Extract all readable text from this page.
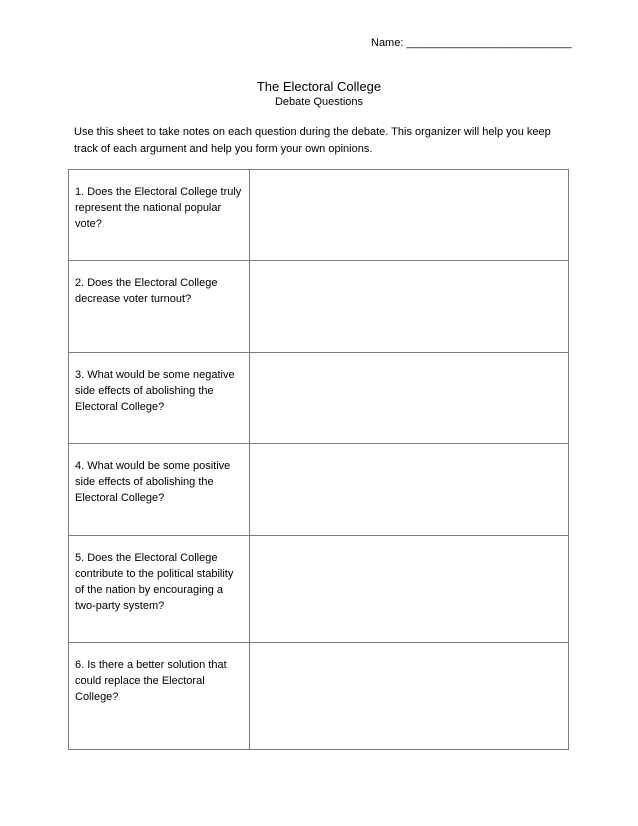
Name: ___________________________
The Electoral College
Debate Questions
Use this sheet to take notes on each question during the debate. This organizer will help you keep track of each argument and help you form your own opinions.
1. Does the Electoral College truly represent the national popular vote?	

2. Does the Electoral College decrease voter turnout?	

3. What would be some negative side effects of abolishing the Electoral College?	

4. What would be some positive side effects of abolishing the Electoral College?	

5. Does the Electoral College contribute to the political stability of the nation by encouraging a two-party system?	

6. Is there a better solution that could replace the Electoral College?	
